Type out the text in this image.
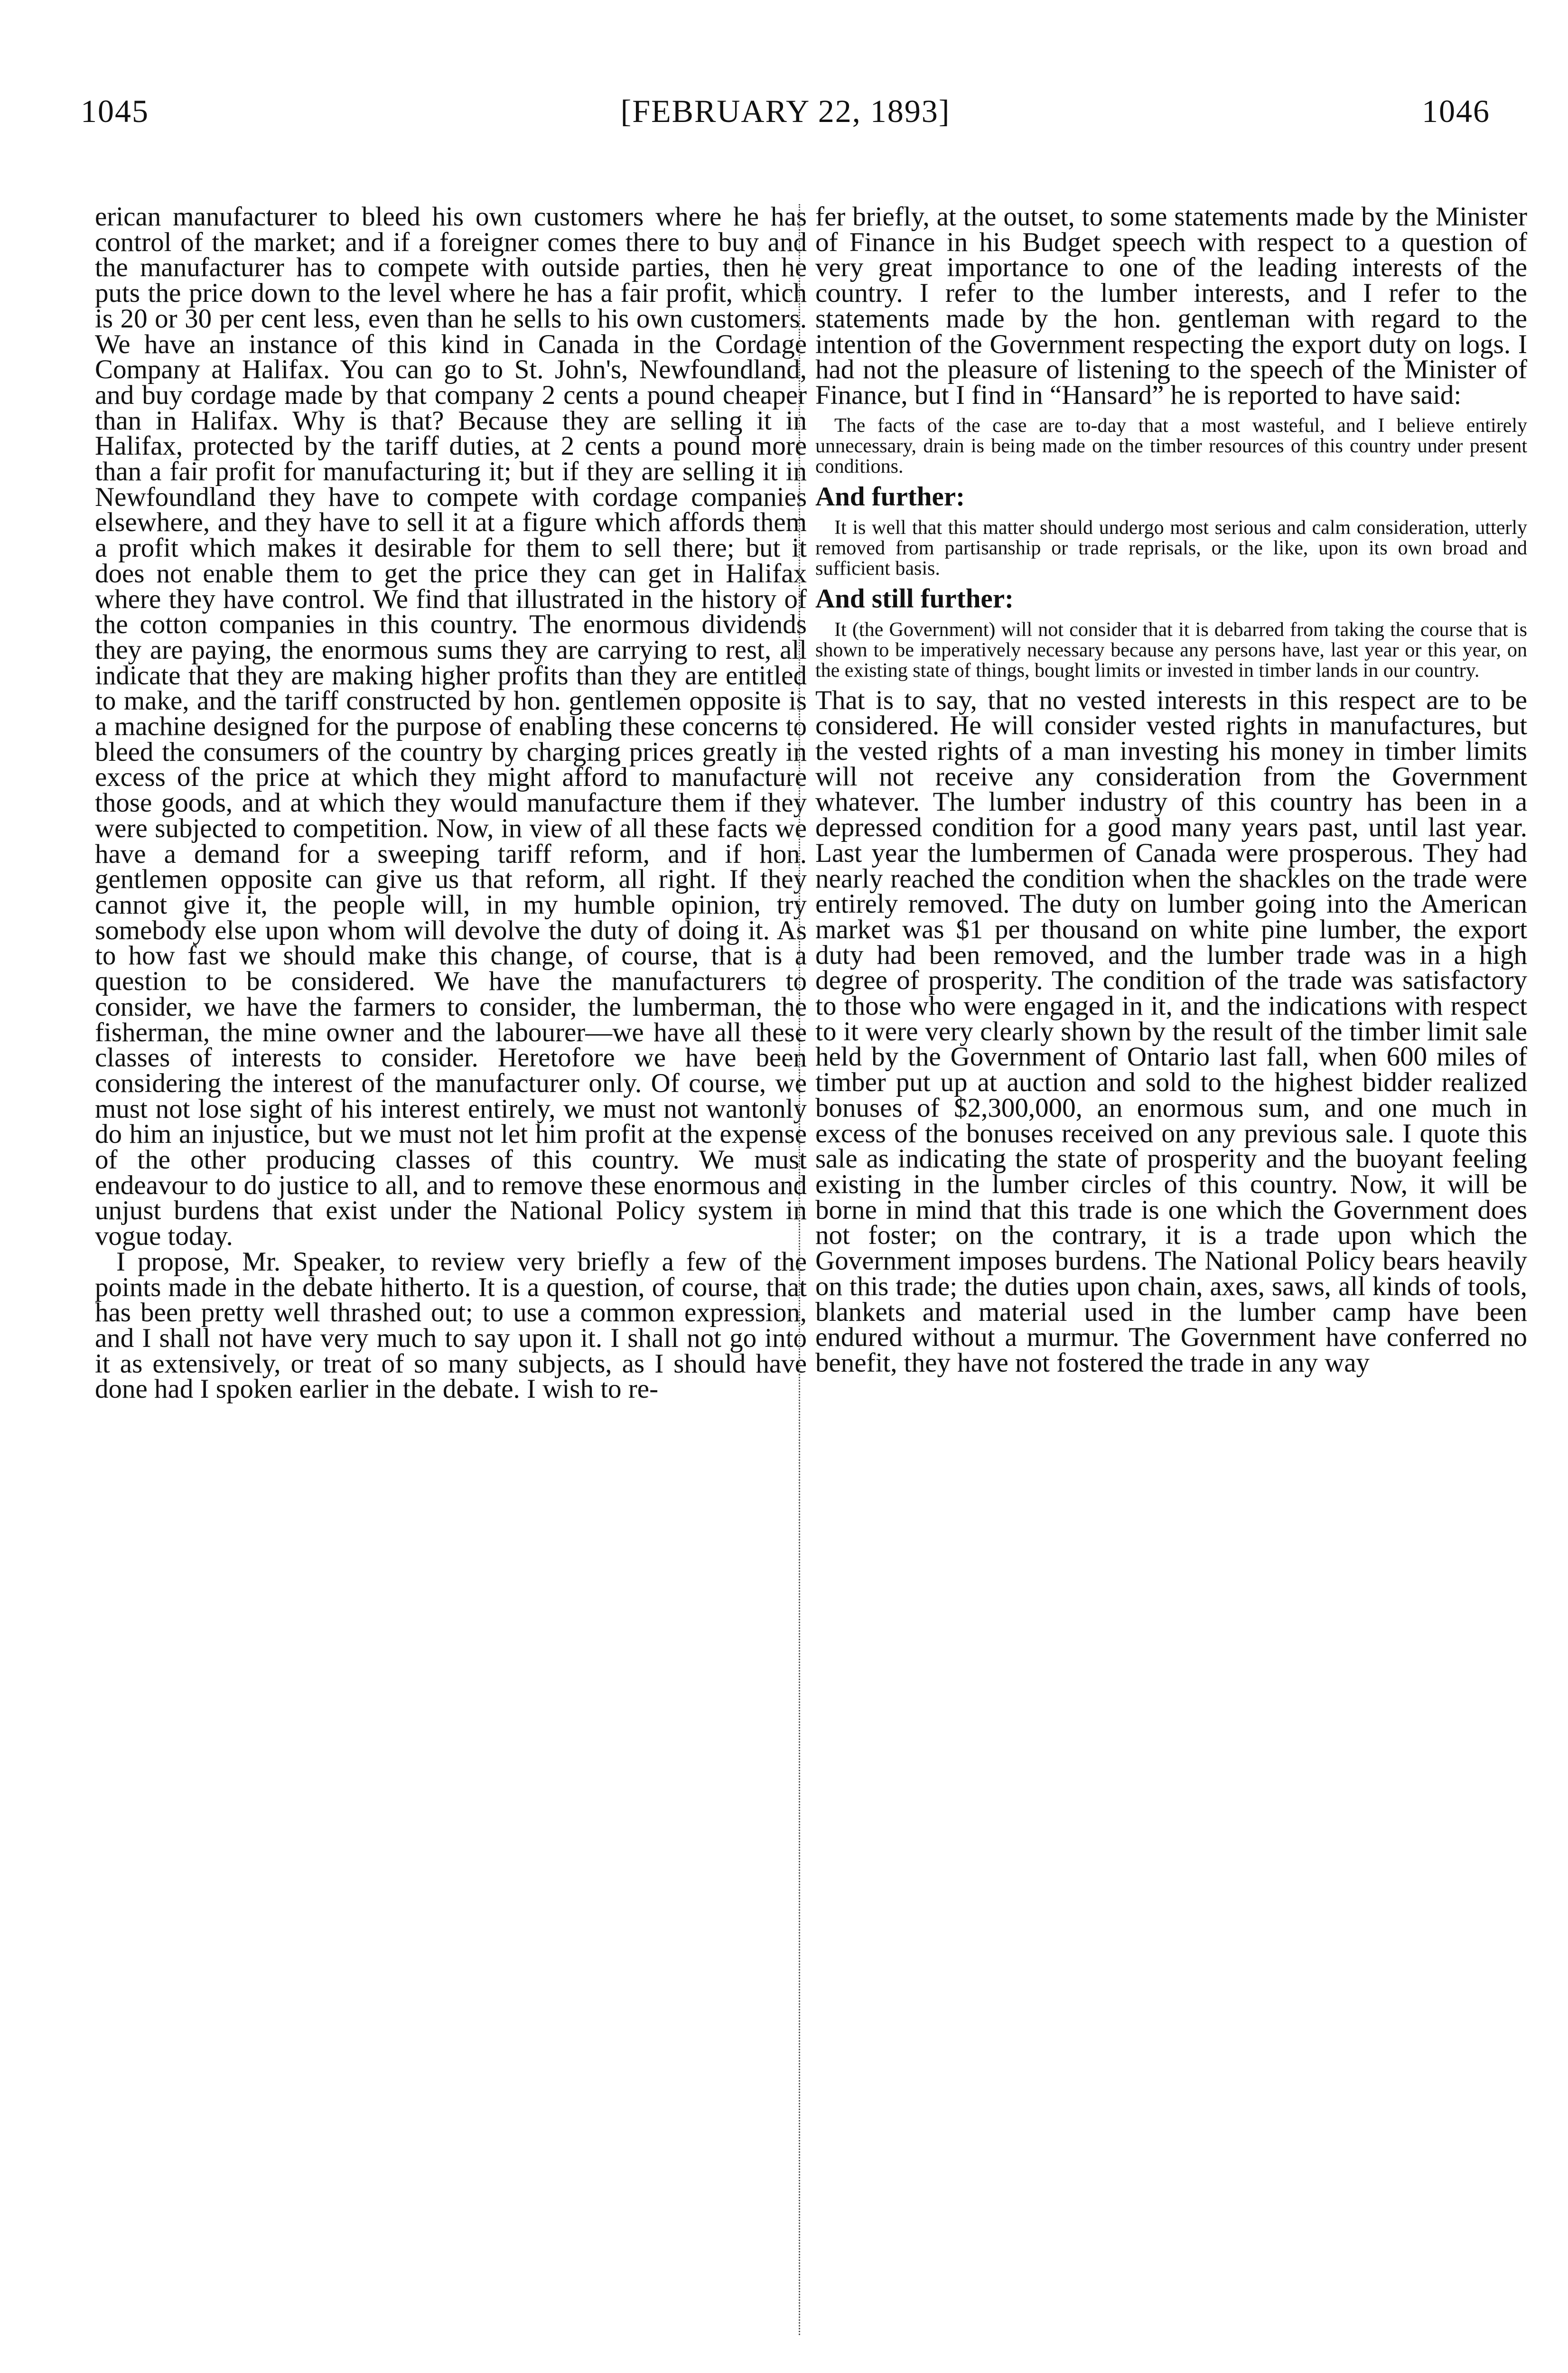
1045	[FEBRUARY 22, 1893]	1046

erican manufacturer to bleed his own customers where he has control of the market; and if a foreigner comes there to buy and the manufacturer has to compete with outside parties, then he puts the price down to the level where he has a fair profit, which is 20 or 30 per cent less, even than he sells to his own customers. We have an instance of this kind in Canada in the Cordage Company at Halifax. You can go to St. John's, Newfoundland, and buy cordage made by that company 2 cents a pound cheaper than in Halifax. Why is that? Because they are selling it in Halifax, protected by the tariff duties, at 2 cents a pound more than a fair profit for manufacturing it; but if they are selling it in Newfoundland they have to compete with cordage companies elsewhere, and they have to sell it at a figure which affords them a profit which makes it desirable for them to sell there; but it does not enable them to get the price they can get in Halifax where they have control. We find that illustrated in the history of the cotton companies in this country. The enormous dividends they are paying, the enormous sums they are carrying to rest, all indicate that they are making higher profits than they are entitled to make, and the tariff constructed by hon. gentlemen opposite is a machine designed for the purpose of enabling these concerns to bleed the consumers of the country by charging prices greatly in excess of the price at which they might afford to manufacture those goods, and at which they would manufacture them if they were subjected to competition. Now, in view of all these facts we have a demand for a sweeping tariff reform, and if hon. gentlemen opposite can give us that reform, all right. If they cannot give it, the people will, in my humble opinion, try somebody else upon whom will devolve the duty of doing it. As to how fast we should make this change, of course, that is a question to be considered. We have the manufacturers to consider, we have the farmers to consider, the lumberman, the fisherman, the mine owner and the labourer—we have all these classes of interests to consider. Heretofore we have been considering the interest of the manufacturer only. Of course, we must not lose sight of his interest entirely, we must not wantonly do him an injustice, but we must not let him profit at the expense of the other producing classes of this country. We must endeavour to do justice to all, and to remove these enormous and unjust burdens that exist under the National Policy system in vogue today.

I propose, Mr. Speaker, to review very briefly a few of the points made in the debate hitherto. It is a question, of course, that has been pretty well thrashed out; to use a common expression, and I shall not have very much to say upon it. I shall not go into it as extensively, or treat of so many subjects, as I should have done had I spoken earlier in the debate. I wish to re-

fer briefly, at the outset, to some statements made by the Minister of Finance in his Budget speech with respect to a question of very great importance to one of the leading interests of the country. I refer to the lumber interests, and I refer to the statements made by the hon. gentleman with regard to the intention of the Government respecting the export duty on logs. I had not the pleasure of listening to the speech of the Minister of Finance, but I find in “Hansard” he is reported to have said:

The facts of the case are to-day that a most wasteful, and I believe entirely unnecessary, drain is being made on the timber resources of this country under present conditions.

And further:

It is well that this matter should undergo most serious and calm consideration, utterly removed from partisanship or trade reprisals, or the like, upon its own broad and sufficient basis.

And still further:

It (the Government) will not consider that it is debarred from taking the course that is shown to be imperatively necessary because any persons have, last year or this year, on the existing state of things, bought limits or invested in timber lands in our country.

That is to say, that no vested interests in this respect are to be considered. He will consider vested rights in manufactures, but the vested rights of a man investing his money in timber limits will not receive any consideration from the Government whatever. The lumber industry of this country has been in a depressed condition for a good many years past, until last year. Last year the lumbermen of Canada were prosperous. They had nearly reached the condition when the shackles on the trade were entirely removed. The duty on lumber going into the American market was $1 per thousand on white pine lumber, the export duty had been removed, and the lumber trade was in a high degree of prosperity. The condition of the trade was satisfactory to those who were engaged in it, and the indications with respect to it were very clearly shown by the result of the timber limit sale held by the Government of Ontario last fall, when 600 miles of timber put up at auction and sold to the highest bidder realized bonuses of $2,300,000, an enormous sum, and one much in excess of the bonuses received on any previous sale. I quote this sale as indicating the state of prosperity and the buoyant feeling existing in the lumber circles of this country. Now, it will be borne in mind that this trade is one which the Government does not foster; on the contrary, it is a trade upon which the Government imposes burdens. The National Policy bears heavily on this trade; the duties upon chain, axes, saws, all kinds of tools, blankets and material used in the lumber camp have been endured without a murmur. The Government have conferred no benefit, they have not fostered the trade in any way
